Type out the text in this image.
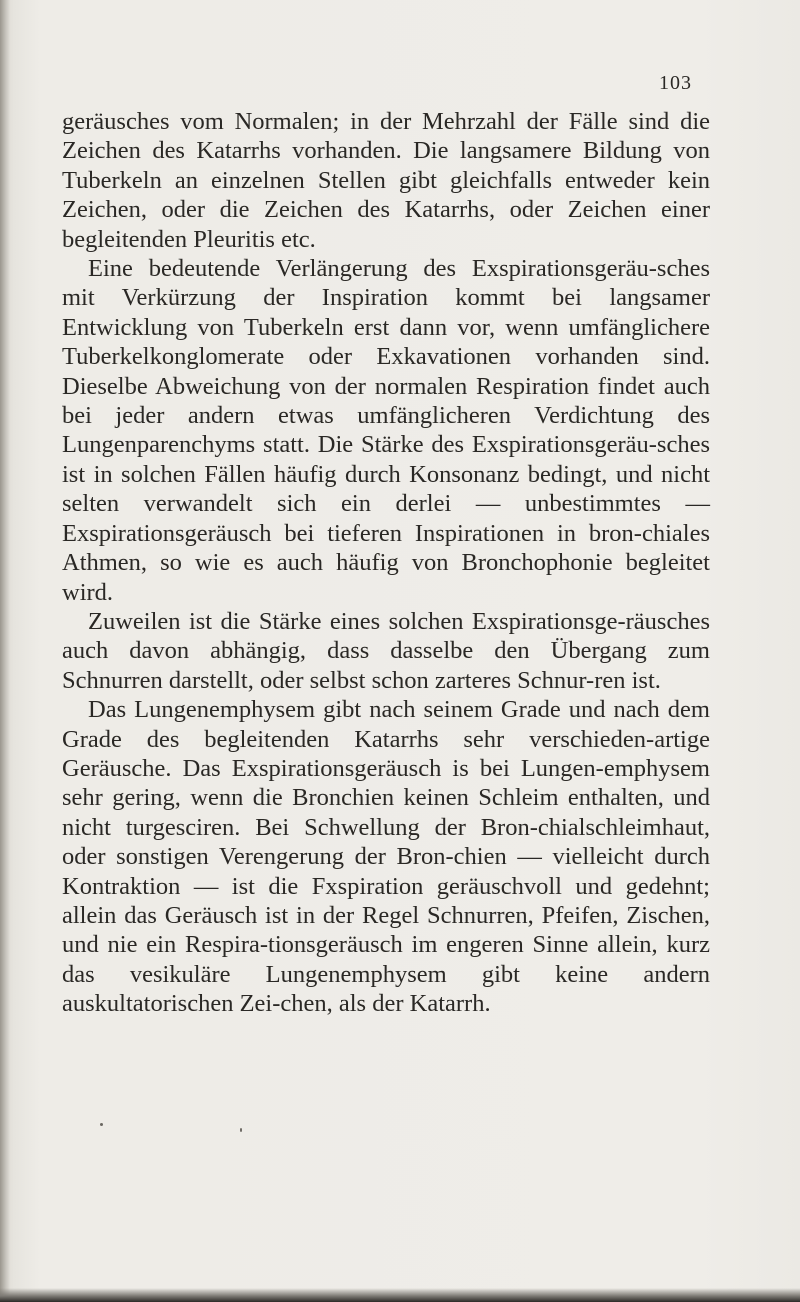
103

geräusches vom Normalen; in der Mehrzahl der Fälle sind die Zeichen des Katarrhs vorhanden. Die langsamere Bildung von Tuberkeln an einzelnen Stellen gibt gleichfalls entweder kein Zeichen, oder die Zeichen des Katarrhs, oder Zeichen einer begleitenden Pleuritis etc.

Eine bedeutende Verlängerung des Exspirationsgeräu-sches mit Verkürzung der Inspiration kommt bei langsamer Entwicklung von Tuberkeln erst dann vor, wenn umfänglichere Tuberkelkonglomerate oder Exkavationen vorhanden sind. Dieselbe Abweichung von der normalen Respiration findet auch bei jeder andern etwas umfänglicheren Verdichtung des Lungenparenchyms statt. Die Stärke des Exspirationsgeräu-sches ist in solchen Fällen häufig durch Konsonanz bedingt, und nicht selten verwandelt sich ein derlei — unbestimmtes — Exspirationsgeräusch bei tieferen Inspirationen in bron-chiales Athmen, so wie es auch häufig von Bronchophonie begleitet wird.

Zuweilen ist die Stärke eines solchen Exspirationsge-räusches auch davon abhängig, dass dasselbe den Übergang zum Schnurren darstellt, oder selbst schon zarteres Schnur-ren ist.

Das Lungenemphysem gibt nach seinem Grade und nach dem Grade des begleitenden Katarrhs sehr verschieden-artige Geräusche. Das Exspirationsgeräusch is bei Lungen-emphysem sehr gering, wenn die Bronchien keinen Schleim enthalten, und nicht turgesciren. Bei Schwellung der Bron-chialschleimhaut, oder sonstigen Verengerung der Bron-chien — vielleicht durch Kontraktion — ist die Fxspiration geräuschvoll und gedehnt; allein das Geräusch ist in der Regel Schnurren, Pfeifen, Zischen, und nie ein Respira-tionsgeräusch im engeren Sinne allein, kurz das vesikuläre Lungenemphysem gibt keine andern auskultatorischen Zei-chen, als der Katarrh.
